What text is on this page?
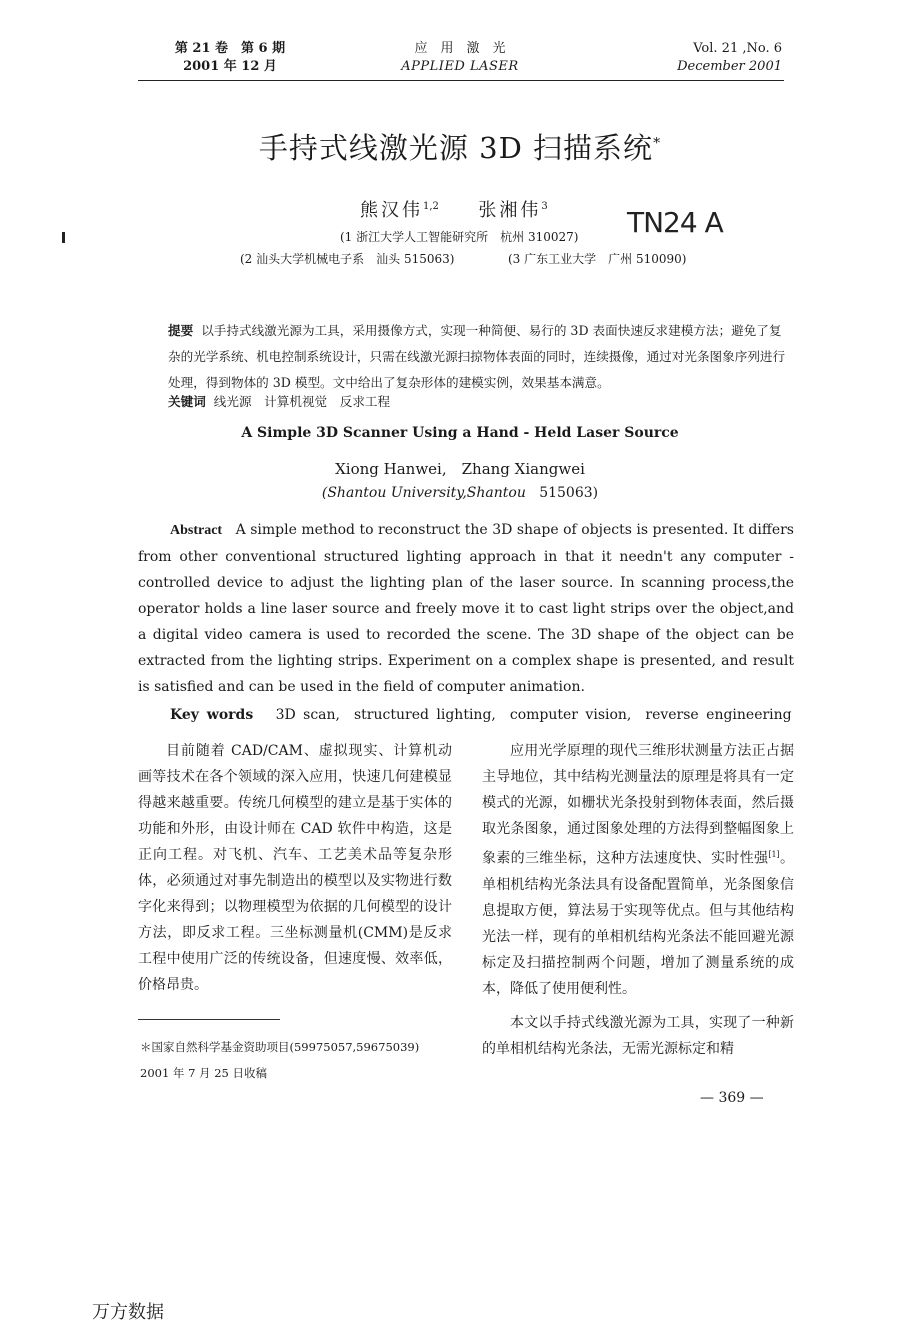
第 21 卷　第 6 期
2001 年 12 月
应　用　激　光
APPLIED LASER
Vol. 21 ,No. 6
December 2001
手持式线激光源 3D 扫描系统*
熊汉伟$^{1,2}$ 张湘伟$^3$
(1 浙江大学人工智能研究所　杭州 310027)
(2 汕头大学机械电子系　汕头 515063)	(3 广东工业大学　广州 510090)
TN24 A
提要 以手持式线激光源为工具，采用摄像方式，实现一种简便、易行的 3D 表面快速反求建模方法；避免了复杂的光学系统、机电控制系统设计，只需在线激光源扫掠物体表面的同时，连续摄像，通过对光条图象序列进行处理，得到物体的 3D 模型。文中给出了复杂形体的建模实例，效果基本满意。
关键词 线光源　计算机视觉　反求工程
A Simple 3D Scanner Using a Hand - Held Laser Source
Xiong Hanwei,　Zhang Xiangwei
(Shantou University,Shantou 515063)
Abstract A simple method to reconstruct the 3D shape of objects is presented. It differs from other conventional structured lighting approach in that it needn't any computer - controlled device to adjust the lighting plan of the laser source. In scanning process,the operator holds a line laser source and freely move it to cast light strips over the object,and a digital video camera is used to recorded the scene. The 3D shape of the object can be extracted from the lighting strips. Experiment on a complex shape is presented, and result is satisfied and can be used in the field of computer animation.
Key words 3D scan,　structured lighting,　computer vision,　reverse engineering

目前随着 CAD/CAM、虚拟现实、计算机动画等技术在各个领域的深入应用，快速几何建模显得越来越重要。传统几何模型的建立是基于实体的功能和外形，由设计师在 CAD 软件中构造，这是正向工程。对飞机、汽车、工艺美术品等复杂形体，必须通过对事先制造出的模型以及实物进行数字化来得到；以物理模型为依据的几何模型的设计方法，即反求工程。三坐标测量机(CMM)是反求工程中使用广泛的传统设备，但速度慢、效率低，价格昂贵。

应用光学原理的现代三维形状测量方法正占据主导地位，其中结构光测量法的原理是将具有一定模式的光源，如栅状光条投射到物体表面，然后摄取光条图象，通过图象处理的方法得到整幅图象上象素的三维坐标，这种方法速度快、实时性强[1]。单相机结构光条法具有设备配置简单，光条图象信息提取方便，算法易于实现等优点。但与其他结构光法一样，现有的单相机结构光条法不能回避光源标定及扫描控制两个问题，增加了测量系统的成本，降低了使用便利性。

本文以手持式线激光源为工具，实现了一种新的单相机结构光条法，无需光源标定和精

＊国家自然科学基金资助项目(59975057,59675039)
2001 年 7 月 25 日收稿
— 369 —
万方数据
